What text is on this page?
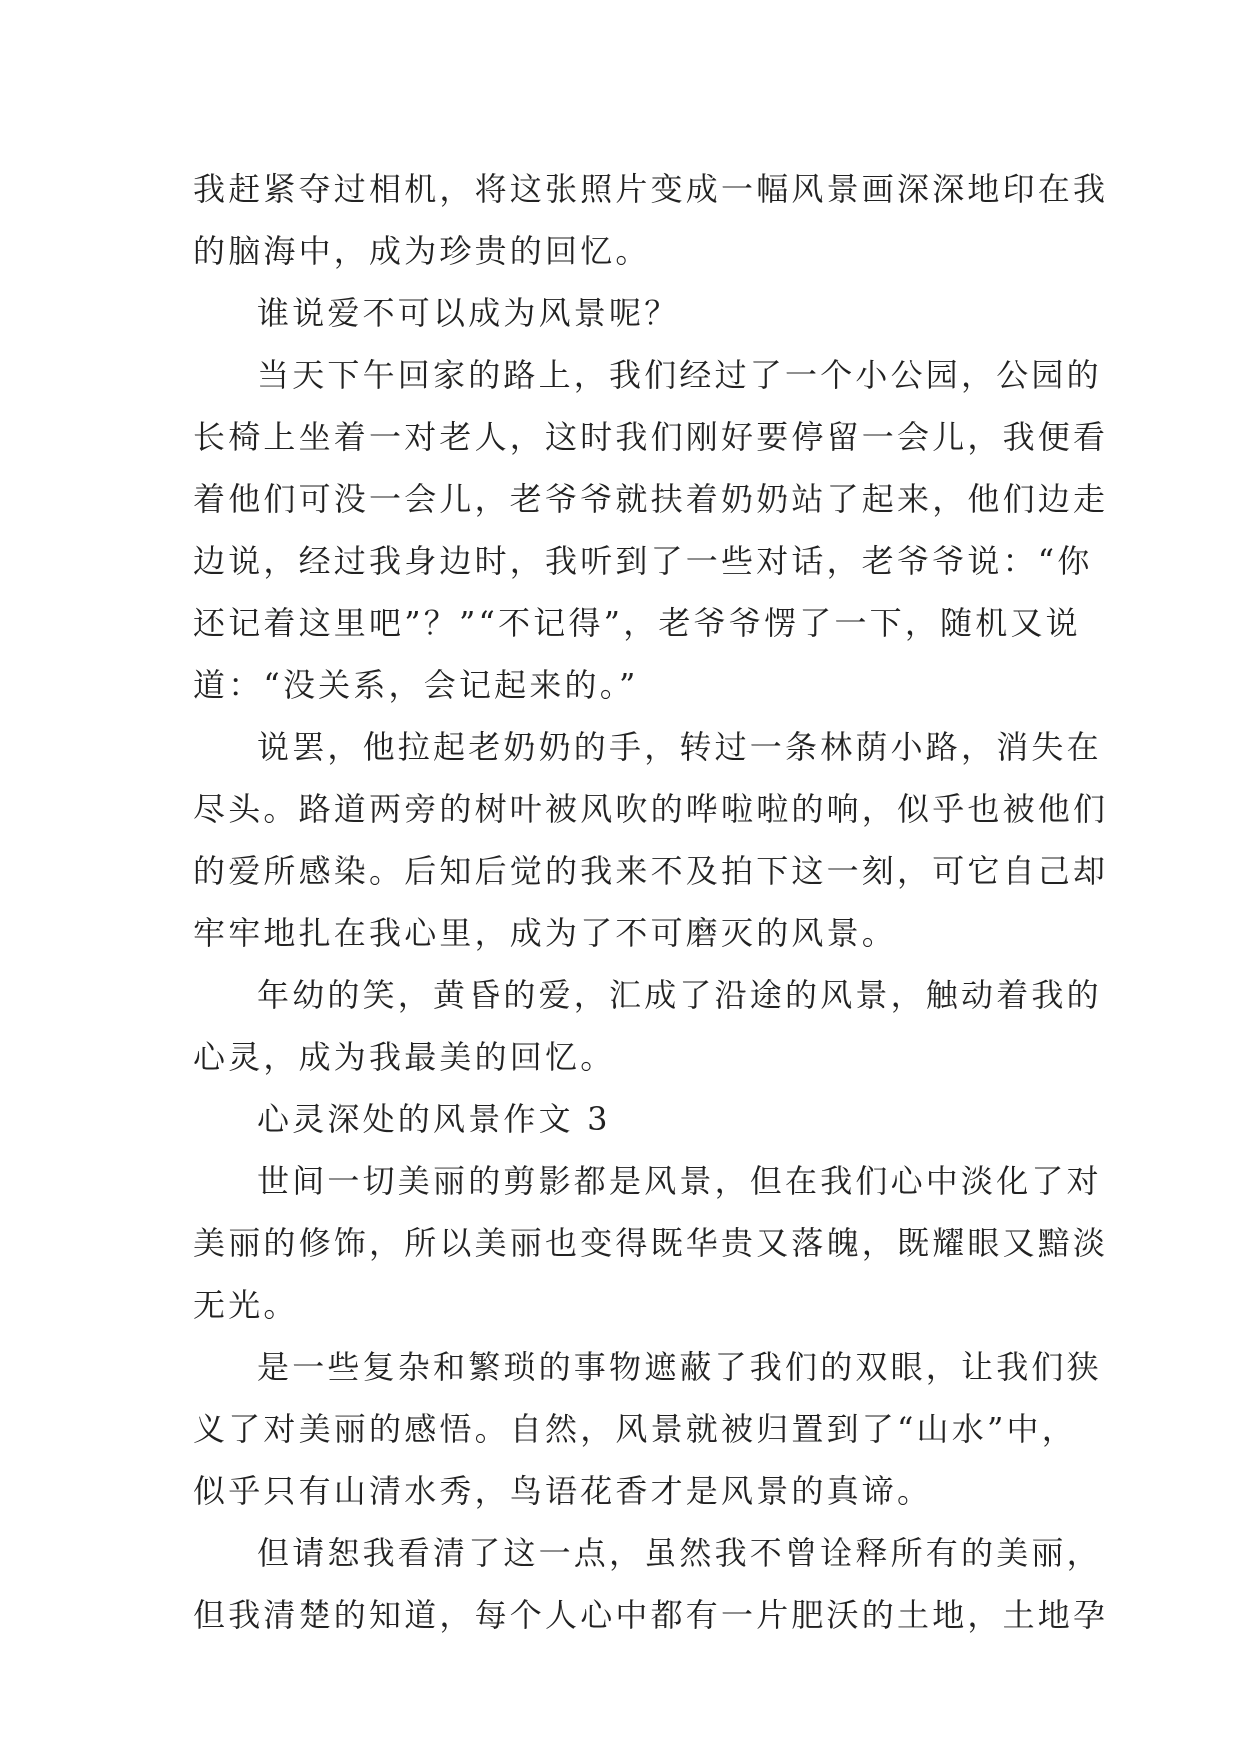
我赶紧夺过相机，将这张照片变成一幅风景画深深地印在我
的脑海中，成为珍贵的回忆。
谁说爱不可以成为风景呢？
当天下午回家的路上，我们经过了一个小公园，公园的
长椅上坐着一对老人，这时我们刚好要停留一会儿，我便看
着他们可没一会儿，老爷爷就扶着奶奶站了起来，他们边走
边说，经过我身边时，我听到了一些对话，老爷爷说：“你
还记着这里吧”？”“不记得”，老爷爷愣了一下，随机又说
道：“没关系，会记起来的。”
说罢，他拉起老奶奶的手，转过一条林荫小路，消失在
尽头。路道两旁的树叶被风吹的哗啦啦的响，似乎也被他们
的爱所感染。后知后觉的我来不及拍下这一刻，可它自己却
牢牢地扎在我心里，成为了不可磨灭的风景。
年幼的笑，黄昏的爱，汇成了沿途的风景，触动着我的
心灵，成为我最美的回忆。
心灵深处的风景作文 3
世间一切美丽的剪影都是风景，但在我们心中淡化了对
美丽的修饰，所以美丽也变得既华贵又落魄，既耀眼又黯淡
无光。
是一些复杂和繁琐的事物遮蔽了我们的双眼，让我们狭
义了对美丽的感悟。自然，风景就被归置到了“山水”中，
似乎只有山清水秀，鸟语花香才是风景的真谛。
但请恕我看清了这一点，虽然我不曾诠释所有的美丽，
但我清楚的知道，每个人心中都有一片肥沃的土地，土地孕
